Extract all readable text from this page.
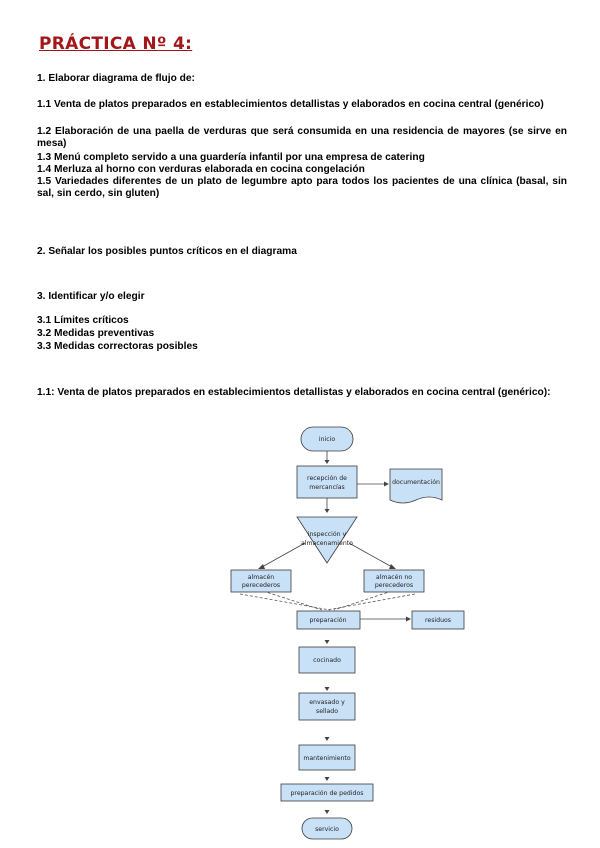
PRÁCTICA Nº 4:
1. Elaborar diagrama de flujo de:
1.1 Venta de platos preparados en establecimientos detallistas y elaborados en cocina central (genérico)
1.2 Elaboración de una paella de verduras que será consumida en una residencia de mayores (se sirve en mesa)
1.3 Menú completo servido a una guardería infantil por una empresa de catering
1.4 Merluza al horno con verduras elaborada en cocina congelación
1.5 Variedades diferentes de un plato de legumbre apto para todos los pacientes de una clínica (basal, sin sal, sin cerdo, sin gluten)
2. Señalar los posibles puntos críticos en el diagrama
3. Identificar y/o elegir
3.1 Límites críticos
3.2 Medidas preventivas
3.3 Medidas correctoras posibles
1.1: Venta de platos preparados en establecimientos detallistas y elaborados en cocina central (genérico):
inicio
recepción de
mercancías
documentación
inspección y
almacenamiento
almacén
perecederos
almacén no
perecederos
preparación	residuos
cocinado
envasado y
sellado
mantenimiento
preparación de pedidos
servicio
